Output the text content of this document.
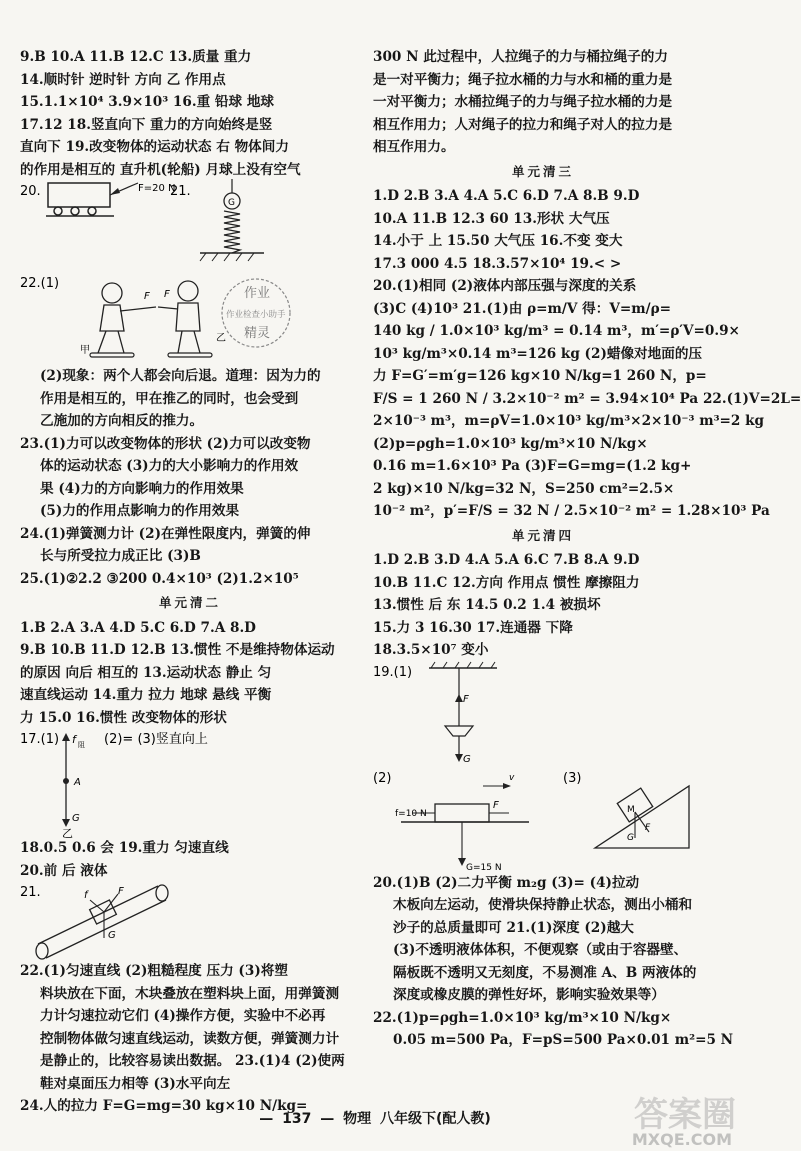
9.B 10.A 11.B 12.C 13.质量 重力
14.顺时针 逆时针 方向 乙 作用点
15.1.1×10⁴ 3.9×10³ 16.重 铅球 地球
17.12 18.竖直向下 重力的方向始终是竖
直向下 19.改变物体的运动状态 右 物体间力
的作用是相互的 直升机(轮船) 月球上没有空气
20.	F=20 N
21.
G
22.(1)
甲
F F
乙
作业
作业检查小助手
精灵
(2)现象：两个人都会向后退。道理：因为力的
作用是相互的，甲在推乙的同时，也会受到
乙施加的方向相反的推力。
23.(1)力可以改变物体的形状 (2)力可以改变物
体的运动状态 (3)力的大小影响力的作用效
果 (4)力的方向影响力的作用效果
(5)力的作用点影响力的作用效果
24.(1)弹簧测力计 (2)在弹性限度内，弹簧的伸
长与所受拉力成正比 (3)B
25.(1)②2.2 ③200 0.4×10³ (2)1.2×10⁵
单元清二
1.B 2.A 3.A 4.D 5.C 6.D 7.A 8.D
9.B 10.B 11.D 12.B 13.惯性 不是维持物体运动
的原因 向后 相互的 13.运动状态 静止 匀
速直线运动 14.重力 拉力 地球 悬线 平衡
力 15.0 16.惯性 改变物体的形状
17.(1) f 阻 (2)= (3)竖直向上
A
G
乙
18.0.5 0.6 会 19.重力 匀速直线
20.前 后 液体
21.	F
f
G
22.(1)匀速直线 (2)粗糙程度 压力 (3)将塑
料块放在下面，木块叠放在塑料块上面，用弹簧测
力计匀速拉动它们 (4)操作方便，实验中不必再
控制物体做匀速直线运动，读数方便，弹簧测力计
是静止的，比较容易读出数据。 23.(1)4 (2)使两
鞋对桌面压力相等 (3)水平向左
24.人的拉力 F=G=mg=30 kg×10 N/kg=
300 N 此过程中，人拉绳子的力与桶拉绳子的力
是一对平衡力；绳子拉水桶的力与水和桶的重力是
一对平衡力；水桶拉绳子的力与绳子拉水桶的力是
相互作用力；人对绳子的拉力和绳子对人的拉力是
相互作用力。
单元清三
1.D 2.B 3.A 4.A 5.C 6.D 7.A 8.B 9.D
10.A 11.B 12.3 60 13.形状 大气压
14.小于 上 15.50 大气压 16.不变 变大
17.3 000 4.5 18.3.57×10⁴ 19.< >
20.(1)相同 (2)液体内部压强与深度的关系
(3)C (4)10³ 21.(1)由 ρ=m/V 得：V=m/ρ=
140 kg / 1.0×10³ kg/m³ = 0.14 m³，m′=ρ′V=0.9×
10³ kg/m³×0.14 m³=126 kg (2)蜡像对地面的压
力 F=G′=m′g=126 kg×10 N/kg=1 260 N，p=
F/S = 1 260 N / 3.2×10⁻² m² = 3.94×10⁴ Pa 22.(1)V=2L=
2×10⁻³ m³，m=ρV=1.0×10³ kg/m³×2×10⁻³ m³=2 kg
(2)p=ρgh=1.0×10³ kg/m³×10 N/kg×
0.16 m=1.6×10³ Pa (3)F=G=mg=(1.2 kg+
2 kg)×10 N/kg=32 N，S=250 cm²=2.5×
10⁻² m²，p′=F/S = 32 N / 2.5×10⁻² m² = 1.28×10³ Pa
单元清四
1.D 2.B 3.D 4.A 5.A 6.C 7.B 8.A 9.D
10.B 11.C 12.方向 作用点 惯性 摩擦阻力
13.惯性 后 东 14.5 0.2 1.4 被损坏
15.力 3 16.30 17.连通器 下降
18.3.5×10⁷ 变小
19.(1)
F
G
(2)	(3)
v
f=10 N
F
G=15 N
M
G
F
20.(1)B (2)二力平衡 m₂g (3)= (4)拉动
木板向左运动，使滑块保持静止状态，测出小桶和
沙子的总质量即可 21.(1)深度 (2)越大
(3)不透明液体体积，不便观察（或由于容器壁、
隔板既不透明又无刻度，不易测准 A、B 两液体的
深度或橡皮膜的弹性好坏，影响实验效果等）
22.(1)p=ρgh=1.0×10³ kg/m³×10 N/kg×
0.05 m=500 Pa，F=pS=500 Pa×0.01 m²=5 N
— 137 — 物理 八年级下(配人教)	答案圈
MXQE.COM
